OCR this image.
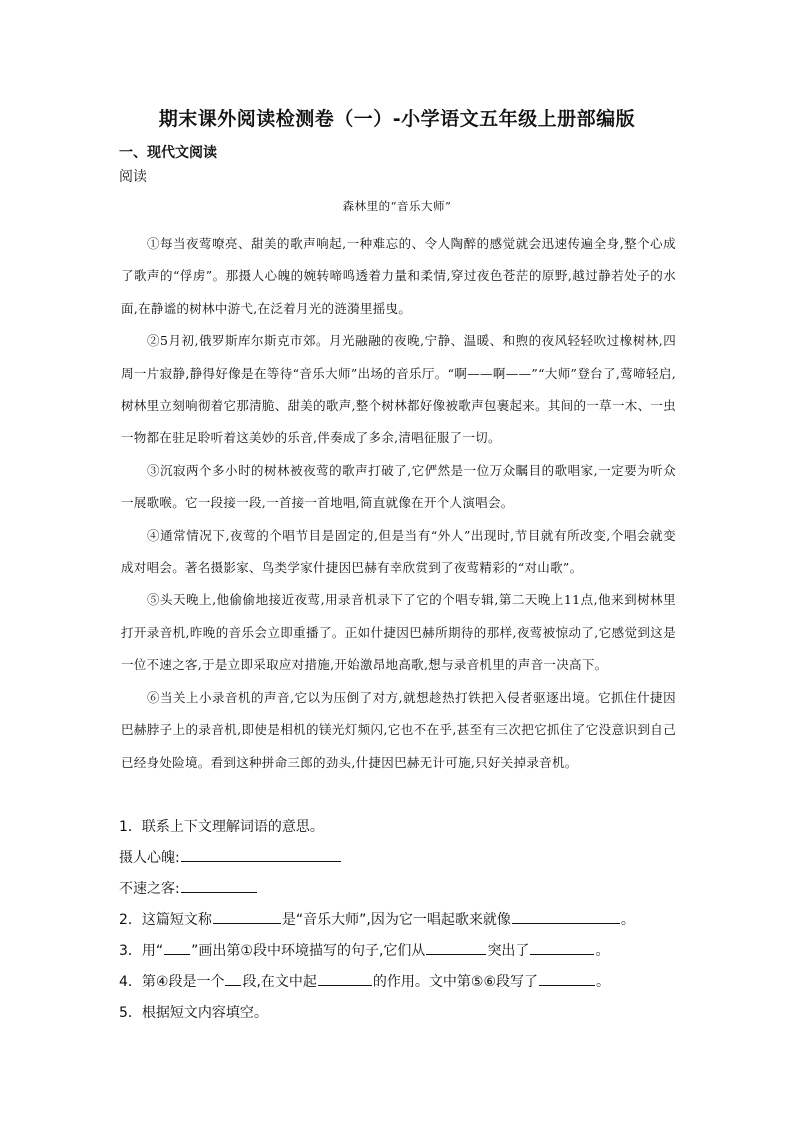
期末课外阅读检测卷（一）-小学语文五年级上册部编版
一、现代文阅读
阅读
森林里的“音乐大师”

①每当夜莺嘹亮、甜美的歌声响起,一种难忘的、令人陶醉的感觉就会迅速传遍全身,整个心成了歌声的“俘虏”。那摄人心魄的婉转啼鸣透着力量和柔情,穿过夜色苍茫的原野,越过静若处子的水面,在静谧的树林中游弋,在泛着月光的涟漪里摇曳。

②5月初,俄罗斯库尔斯克市郊。月光融融的夜晚,宁静、温暖、和煦的夜风轻轻吹过橡树林,四周一片寂静,静得好像是在等待“音乐大师”出场的音乐厅。“啊——啊——”“大师”登台了,莺啼轻启,树林里立刻响彻着它那清脆、甜美的歌声,整个树林都好像被歌声包裹起来。其间的一草一木、一虫一物都在驻足聆听着这美妙的乐音,伴奏成了多余,清唱征服了一切。

③沉寂两个多小时的树林被夜莺的歌声打破了,它俨然是一位万众瞩目的歌唱家,一定要为听众一展歌喉。它一段接一段,一首接一首地唱,简直就像在开个人演唱会。

④通常情况下,夜莺的个唱节目是固定的,但是当有“外人”出现时,节目就有所改变,个唱会就变成对唱会。著名摄影家、鸟类学家什捷因巴赫有幸欣赏到了夜莺精彩的“对山歌”。

⑤头天晚上,他偷偷地接近夜莺,用录音机录下了它的个唱专辑,第二天晚上11点,他来到树林里打开录音机,昨晚的音乐会立即重播了。正如什捷因巴赫所期待的那样,夜莺被惊动了,它感觉到这是一位不速之客,于是立即采取应对措施,开始激昂地高歌,想与录音机里的声音一决高下。

⑥当关上小录音机的声音,它以为压倒了对方,就想趁热打铁把入侵者驱逐出境。它抓住什捷因巴赫脖子上的录音机,即使是相机的镁光灯频闪,它也不在乎,甚至有三次把它抓住了它没意识到自己已经身处险境。看到这种拼命三郎的劲头,什捷因巴赫无计可施,只好关掉录音机。

1．联系上下文理解词语的意思。
摄人心魄:
不速之客:
2．这篇短文称	是“音乐大师”,因为它一唱起歌来就像	。
3．用“ ”画出第①段中环境描写的句子,它们从	突出了	。
4．第④段是一个 段,在文中起	的作用。文中第⑤⑥段写了	。
5．根据短文内容填空。
